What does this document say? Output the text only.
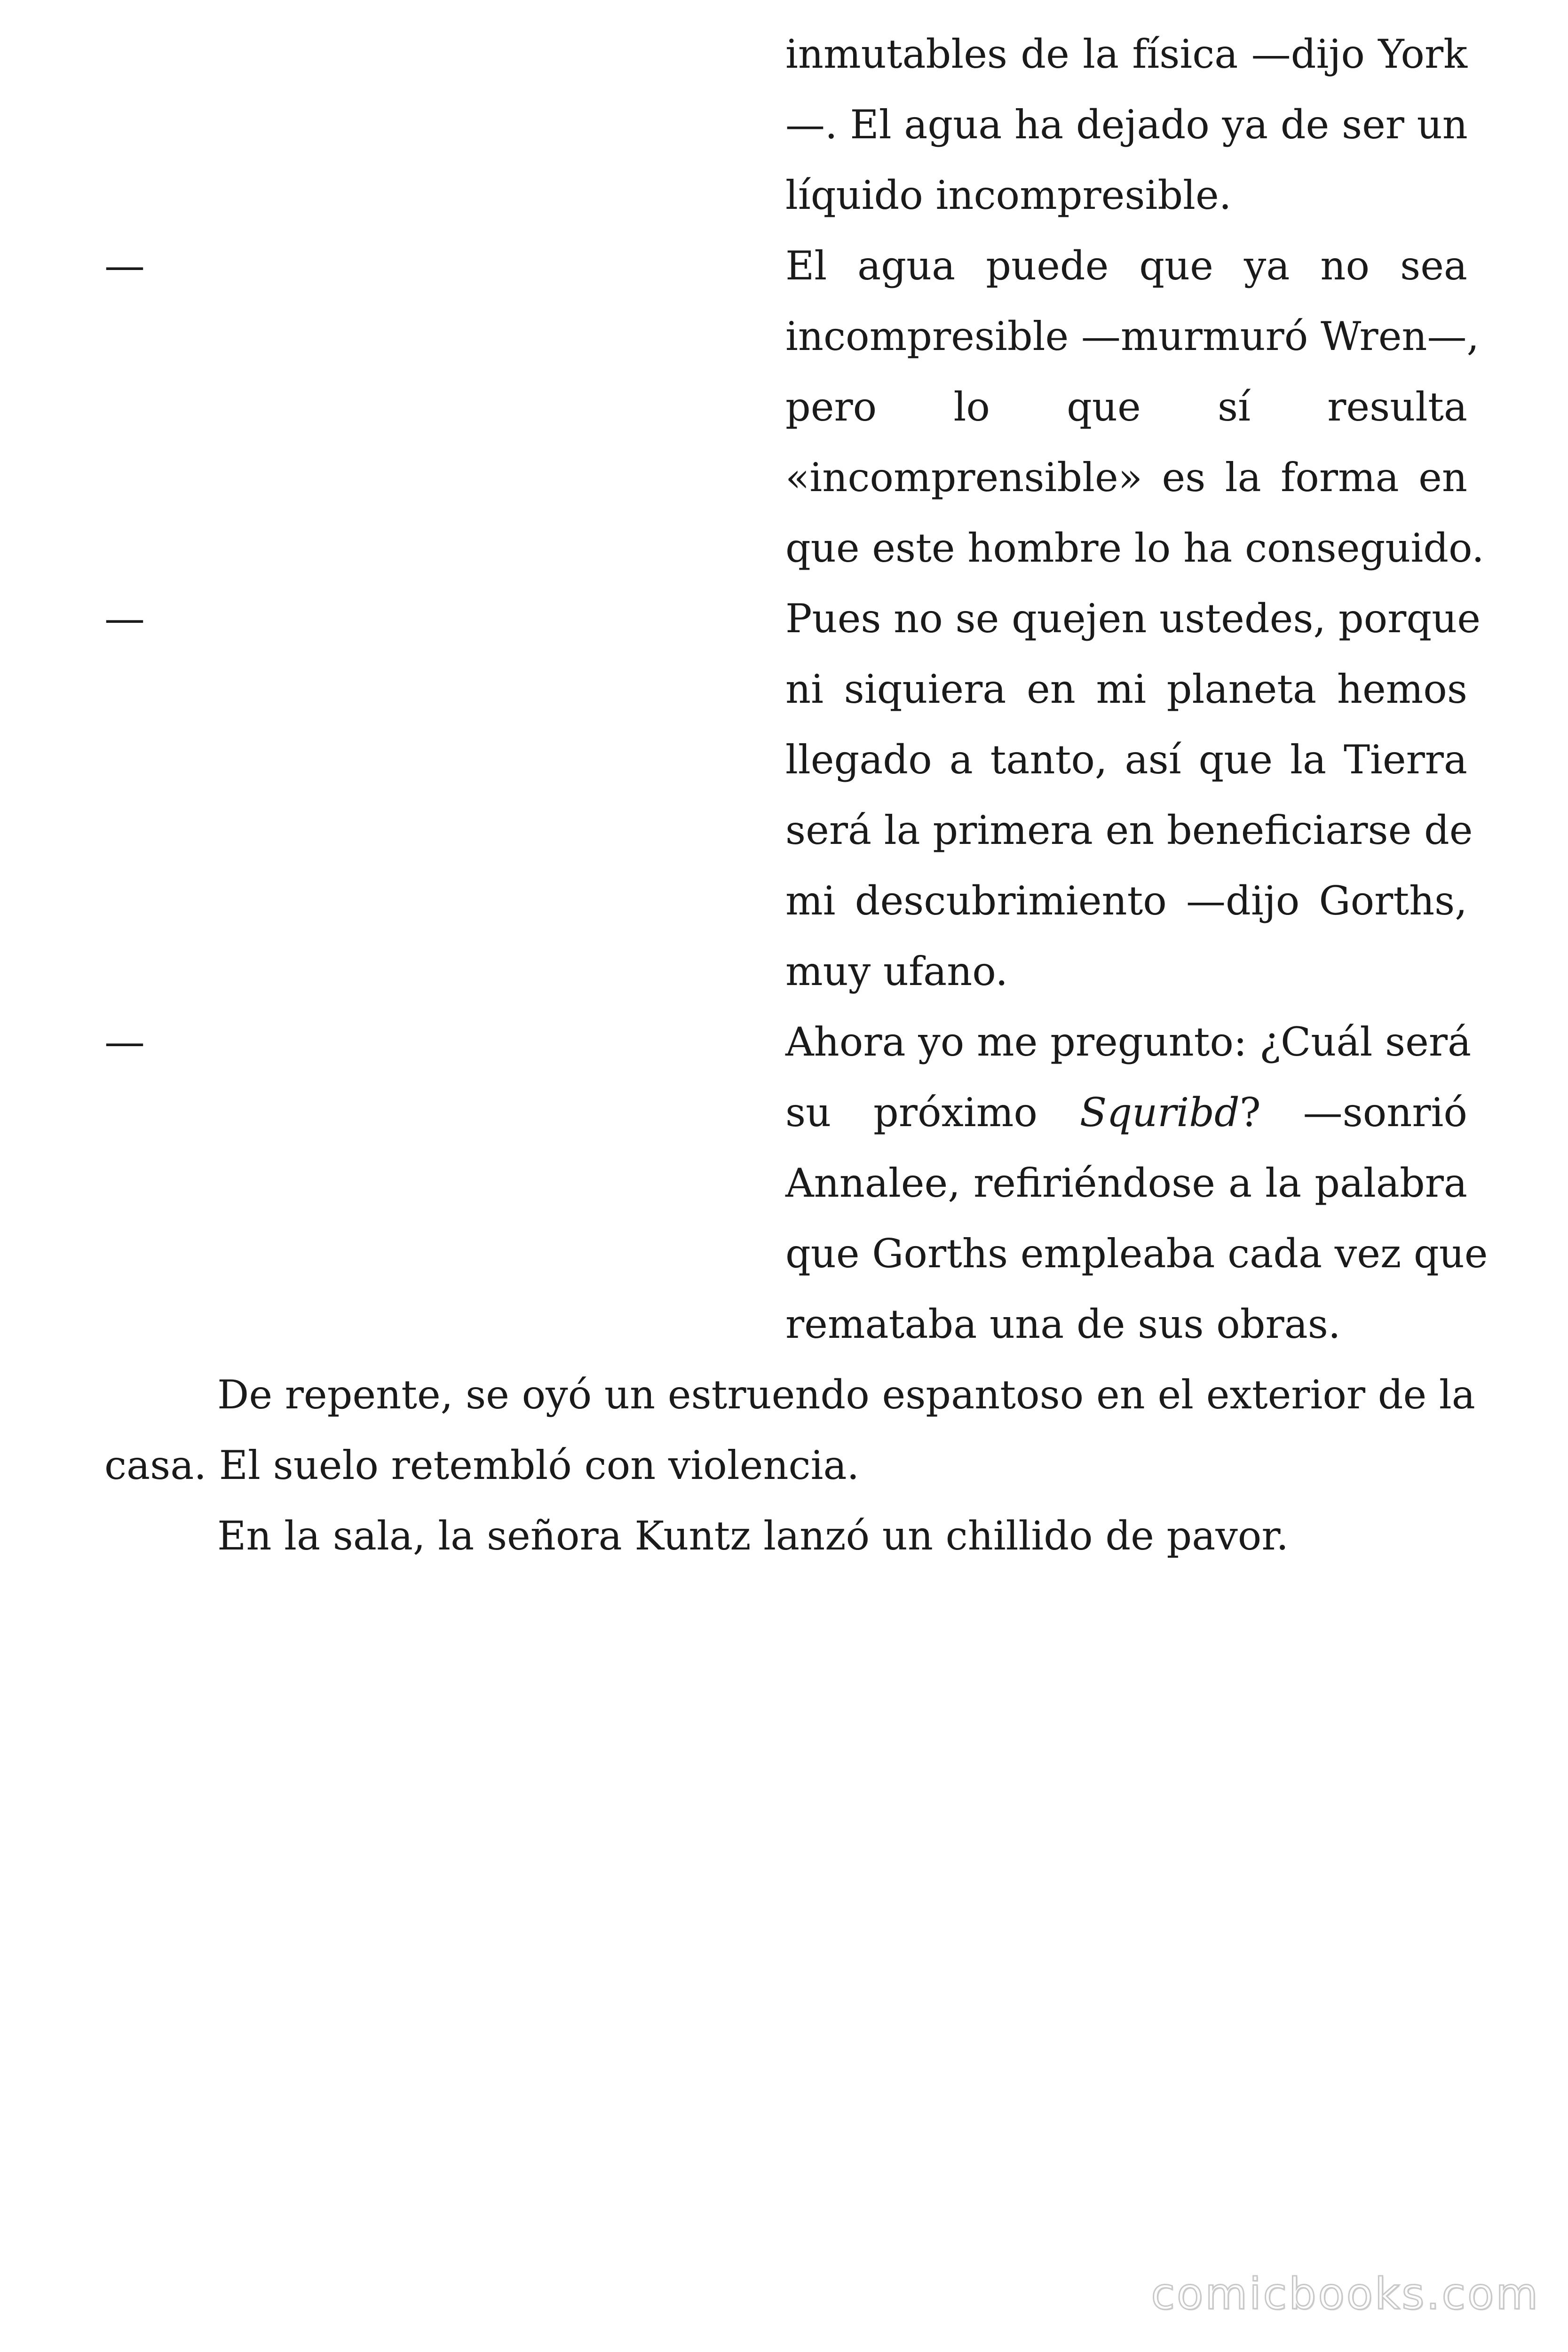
inmutables de la física —dijo York
—. El agua ha dejado ya de ser un
líquido incompresible.
—	El agua puede que ya no sea
incompresible —murmuró Wren—,
pero lo que sí resulta
«incomprensible» es la forma en
que este hombre lo ha conseguido.
—	Pues no se quejen ustedes, porque
ni siquiera en mi planeta hemos
llegado a tanto, así que la Tierra
será la primera en beneficiarse de
mi descubrimiento —dijo Gorths,
muy ufano.
—	Ahora yo me pregunto: ¿Cuál será
su próximo Squribd? —sonrió
Annalee, refiriéndose a la palabra
que Gorths empleaba cada vez que
remataba una de sus obras.
De repente, se oyó un estruendo espantoso en el exterior de la
casa. El suelo retembló con violencia.
En la sala, la señora Kuntz lanzó un chillido de pavor.
comicbooks.com
